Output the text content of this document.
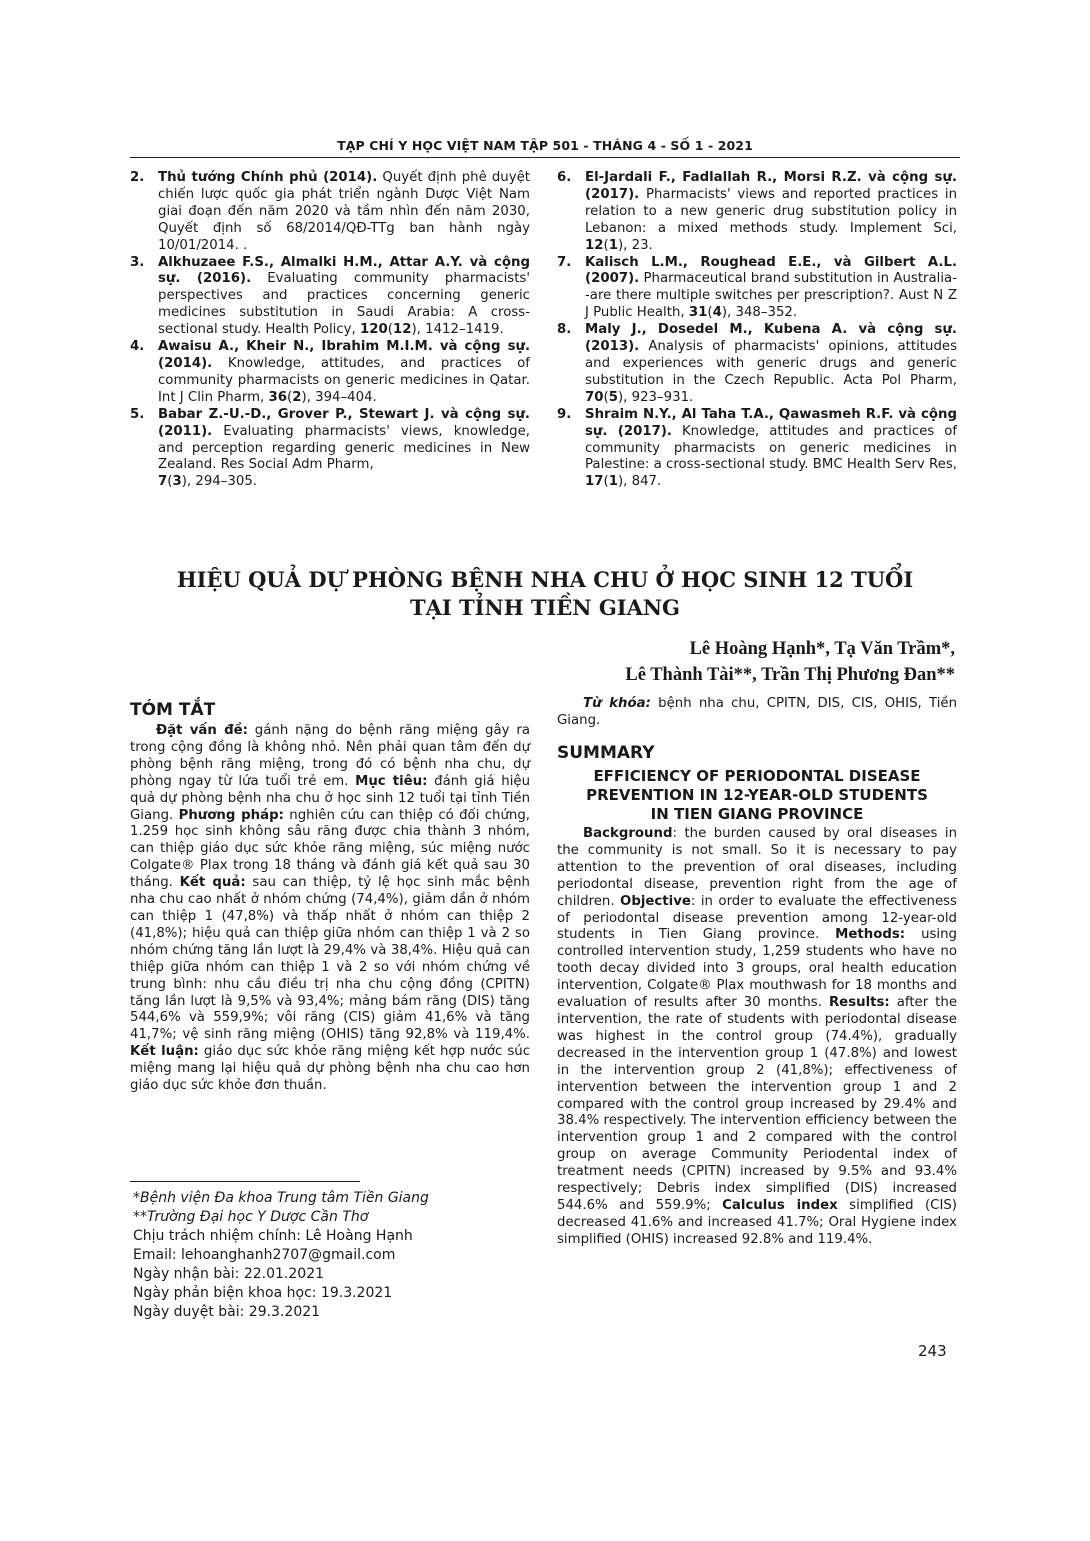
TẠP CHÍ Y HỌC VIỆT NAM TẬP 501 - THÁNG 4 - SỐ 1 - 2021
2.	Thủ tướng Chính phủ (2014). Quyết định phê duyệt chiến lược quốc gia phát triển ngành Dược Việt Nam giai đoạn đến năm 2020 và tầm nhìn đến năm 2030, Quyết định số 68/2014/QĐ-TTg ban hành ngày 10/01/2014. .
3.	Alkhuzaee F.S., Almalki H.M., Attar A.Y. và cộng sự. (2016). Evaluating community pharmacists' perspectives and practices concerning generic medicines substitution in Saudi Arabia: A cross-sectional study. Health Policy, 120(12), 1412–1419.
4.	Awaisu A., Kheir N., Ibrahim M.I.M. và cộng sự. (2014). Knowledge, attitudes, and practices of community pharmacists on generic medicines in Qatar. Int J Clin Pharm, 36(2), 394–404.
5.	Babar Z.-U.-D., Grover P., Stewart J. và cộng sự. (2011). Evaluating pharmacists' views, knowledge, and perception regarding generic medicines in New Zealand. Res Social Adm Pharm,
7(3), 294–305.
6.	El-Jardali F., Fadlallah R., Morsi R.Z. và cộng sự. (2017). Pharmacists' views and reported practices in relation to a new generic drug substitution policy in Lebanon: a mixed methods study. Implement Sci, 12(1), 23.
7.	Kalisch L.M., Roughead E.E., và Gilbert A.L. (2007). Pharmaceutical brand substitution in Australia--are there multiple switches per prescription?. Aust N Z J Public Health, 31(4), 348–352.
8.	Maly J., Dosedel M., Kubena A. và cộng sự. (2013). Analysis of pharmacists' opinions, attitudes and experiences with generic drugs and generic substitution in the Czech Republic. Acta Pol Pharm, 70(5), 923–931.
9.	Shraim N.Y., Al Taha T.A., Qawasmeh R.F. và cộng sự. (2017). Knowledge, attitudes and practices of community pharmacists on generic medicines in Palestine: a cross-sectional study. BMC Health Serv Res, 17(1), 847.
HIỆU QUẢ DỰ PHÒNG BỆNH NHA CHU Ở HỌC SINH 12 TUỔI
TẠI TỈNH TIỀN GIANG
Lê Hoàng Hạnh*, Tạ Văn Trầm*,
Lê Thành Tài**, Trần Thị Phương Đan**
TÓM TẮT

Đặt vấn đề: gánh nặng do bệnh răng miệng gây ra trong cộng đồng là không nhỏ. Nên phải quan tâm đến dự phòng bệnh răng miệng, trong đó có bệnh nha chu, dự phòng ngay từ lứa tuổi trẻ em. Mục tiêu: đánh giá hiệu quả dự phòng bệnh nha chu ở học sinh 12 tuổi tại tỉnh Tiền Giang. Phương pháp: nghiên cứu can thiệp có đối chứng, 1.259 học sinh không sâu răng được chia thành 3 nhóm, can thiệp giáo dục sức khỏe răng miệng, súc miệng nước Colgate® Plax trong 18 tháng và đánh giá kết quả sau 30 tháng. Kết quả: sau can thiệp, tỷ lệ học sinh mắc bệnh nha chu cao nhất ở nhóm chứng (74,4%), giảm dần ở nhóm can thiệp 1 (47,8%) và thấp nhất ở nhóm can thiệp 2 (41,8%); hiệu quả can thiệp giữa nhóm can thiệp 1 và 2 so nhóm chứng tăng lần lượt là 29,4% và 38,4%. Hiệu quả can thiệp giữa nhóm can thiệp 1 và 2 so với nhóm chứng về trung bình: nhu cầu điều trị nha chu cộng đồng (CPITN) tăng lần lượt là 9,5% và 93,4%; mảng bám răng (DIS) tăng 544,6% và 559,9%; vôi răng (CIS) giảm 41,6% và tăng 41,7%; vệ sinh răng miệng (OHIS) tăng 92,8% và 119,4%. Kết luận: giáo dục sức khỏe răng miệng kết hợp nước súc miệng mang lại hiệu quả dự phòng bệnh nha chu cao hơn giáo dục sức khỏe đơn thuần.

*Bệnh viện Đa khoa Trung tâm Tiền Giang
**Trường Đại học Y Dược Cần Thơ
Chịu trách nhiệm chính: Lê Hoàng Hạnh
Email: lehoanghanh2707@gmail.com
Ngày nhận bài: 22.01.2021
Ngày phản biện khoa học: 19.3.2021
Ngày duyệt bài: 29.3.2021

Từ khóa: bệnh nha chu, CPITN, DIS, CIS, OHIS, Tiền Giang.

SUMMARY
EFFICIENCY OF PERIODONTAL DISEASE
PREVENTION IN 12-YEAR-OLD STUDENTS
IN TIEN GIANG PROVINCE

Background: the burden caused by oral diseases in the community is not small. So it is necessary to pay attention to the prevention of oral diseases, including periodontal disease, prevention right from the age of children. Objective: in order to evaluate the effectiveness of periodontal disease prevention among 12-year-old students in Tien Giang province. Methods: using controlled intervention study, 1,259 students who have no tooth decay divided into 3 groups, oral health education intervention, Colgate® Plax mouthwash for 18 months and evaluation of results after 30 months. Results: after the intervention, the rate of students with periodontal disease was highest in the control group (74.4%), gradually decreased in the intervention group 1 (47.8%) and lowest in the intervention group 2 (41,8%); effectiveness of intervention between the intervention group 1 and 2 compared with the control group increased by 29.4% and 38.4% respectively. The intervention efficiency between the intervention group 1 and 2 compared with the control group on average Community Periodental index of treatment needs (CPITN) increased by 9.5% and 93.4% respectively; Debris index simplified (DIS) increased 544.6% and 559.9%; Calculus index simplified (CIS) decreased 41.6% and increased 41.7%; Oral Hygiene index simplified (OHIS) increased 92.8% and 119.4%.

243
